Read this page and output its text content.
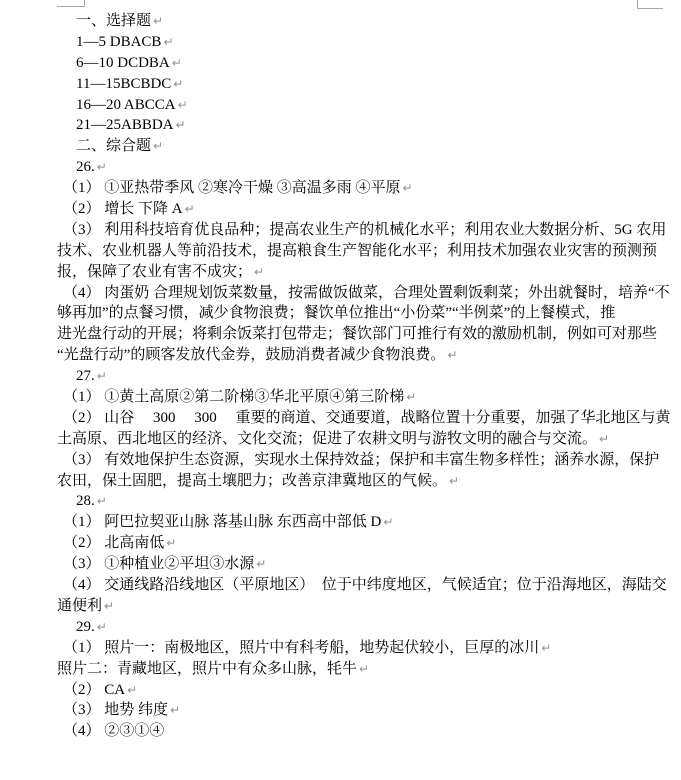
一、选择题 ↵
1—5 DBACB ↵
6—10 DCDBA ↵
11—15BCBDC ↵
16—20 ABCCA ↵
21—25ABBDA ↵
二、综合题 ↵
26. ↵
（1） ①亚热带季风 ②寒冷干燥 ③高温多雨 ④平原 ↵
（2） 增长 下降 A ↵
（3） 利用科技培育优良品种；提高农业生产的机械化水平；利用农业大数据分析、5G 农用
技术、农业机器人等前沿技术，提高粮食生产智能化水平；利用技术加强农业灾害的预测预
报，保障了农业有害不成灾； ↵
（4） 肉蛋奶 合理规划饭菜数量，按需做饭做菜，合理处置剩饭剩菜；外出就餐时，培养“不
够再加”的点餐习惯，减少食物浪费；餐饮单位推出“小份菜”“半例菜”的上餐模式，推
进光盘行动的开展；将剩余饭菜打包带走；餐饮部门可推行有效的激励机制，例如可对那些
“光盘行动”的顾客发放代金券，鼓励消费者减少食物浪费。 ↵
27. ↵
（1） ①黄土高原②第二阶梯③华北平原④第三阶梯 ↵
（2） 山谷　 300　 300　 重要的商道、交通要道，战略位置十分重要，加强了华北地区与黄
土高原、西北地区的经济、文化交流；促进了农耕文明与游牧文明的融合与交流。 ↵
（3） 有效地保护生态资源，实现水土保持效益；保护和丰富生物多样性；涵养水源，保护
农田，保土固肥，提高土壤肥力；改善京津冀地区的气候。 ↵
28. ↵
（1） 阿巴拉契亚山脉 落基山脉 东西高中部低 D ↵
（2） 北高南低 ↵
（3） ①种植业②平坦③水源 ↵
（4） 交通线路沿线地区（平原地区）  位于中纬度地区，气候适宜；位于沿海地区，海陆交
通便利 ↵
29. ↵
（1） 照片一：南极地区，照片中有科考船，地势起伏较小，巨厚的冰川 ↵
照片二：青藏地区，照片中有众多山脉，牦牛 ↵
（2） CA ↵
（3） 地势 纬度 ↵
（4） ②③①④
